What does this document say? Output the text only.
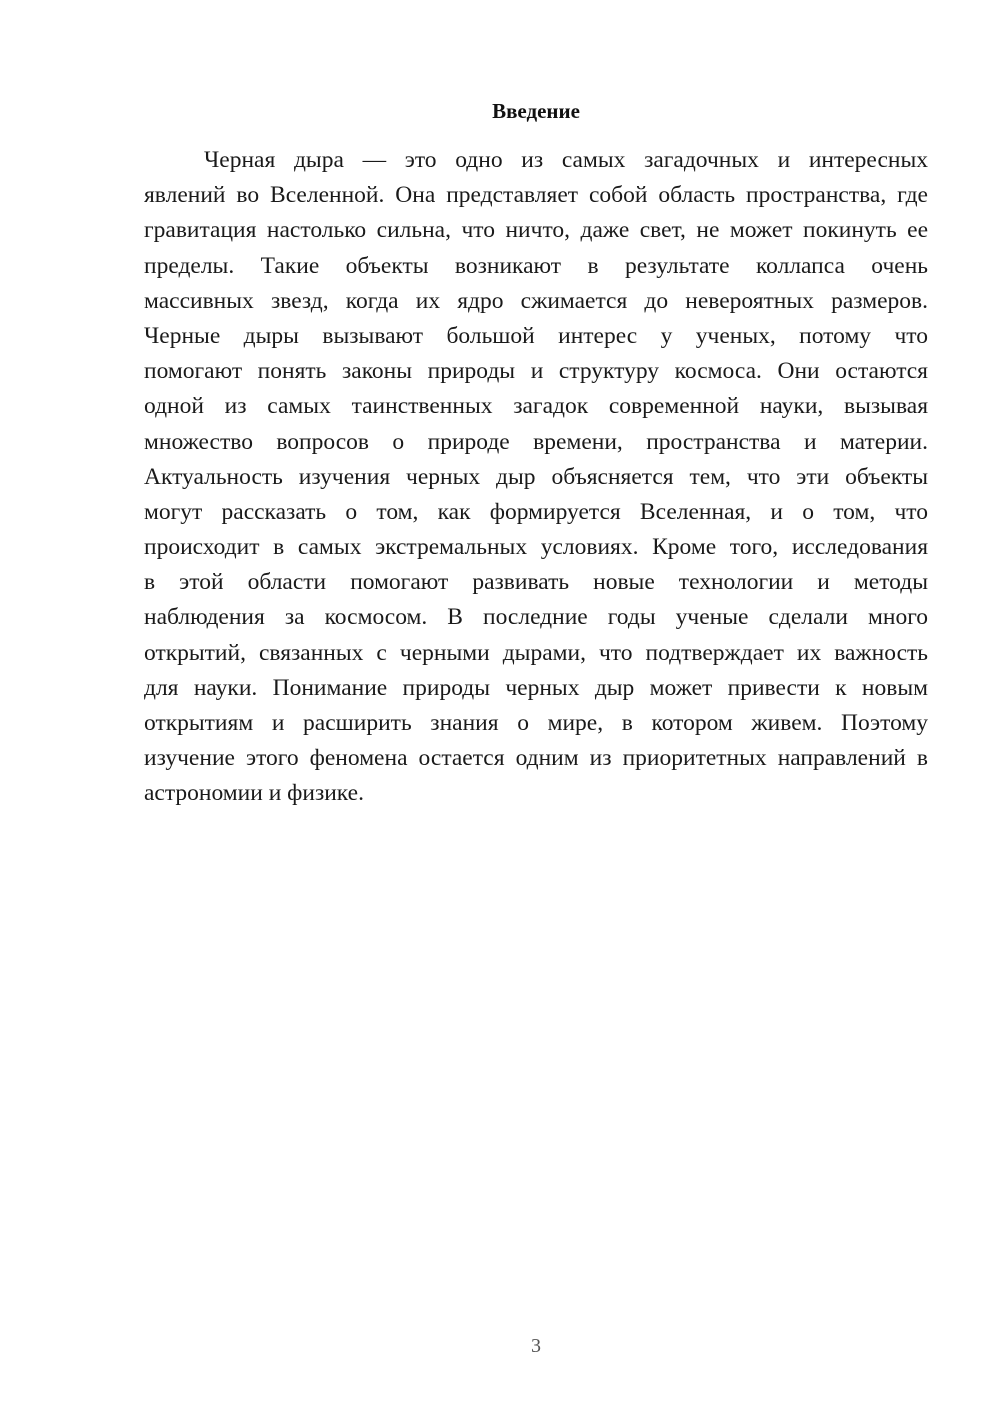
Введение
Черная дыра — это одно из самых загадочных и интересных
явлений во Вселенной. Она представляет собой область пространства, где
гравитация настолько сильна, что ничто, даже свет, не может покинуть ее
пределы. Такие объекты возникают в результате коллапса очень
массивных звезд, когда их ядро сжимается до невероятных размеров.
Черные дыры вызывают большой интерес у ученых, потому что
помогают понять законы природы и структуру космоса. Они остаются
одной из самых таинственных загадок современной науки, вызывая
множество вопросов о природе времени, пространства и материи.
Актуальность изучения черных дыр объясняется тем, что эти объекты
могут рассказать о том, как формируется Вселенная, и о том, что
происходит в самых экстремальных условиях. Кроме того, исследования
в этой области помогают развивать новые технологии и методы
наблюдения за космосом. В последние годы ученые сделали много
открытий, связанных с черными дырами, что подтверждает их важность
для науки. Понимание природы черных дыр может привести к новым
открытиям и расширить знания о мире, в котором живем. Поэтому
изучение этого феномена остается одним из приоритетных направлений в
астрономии и физике.
3
